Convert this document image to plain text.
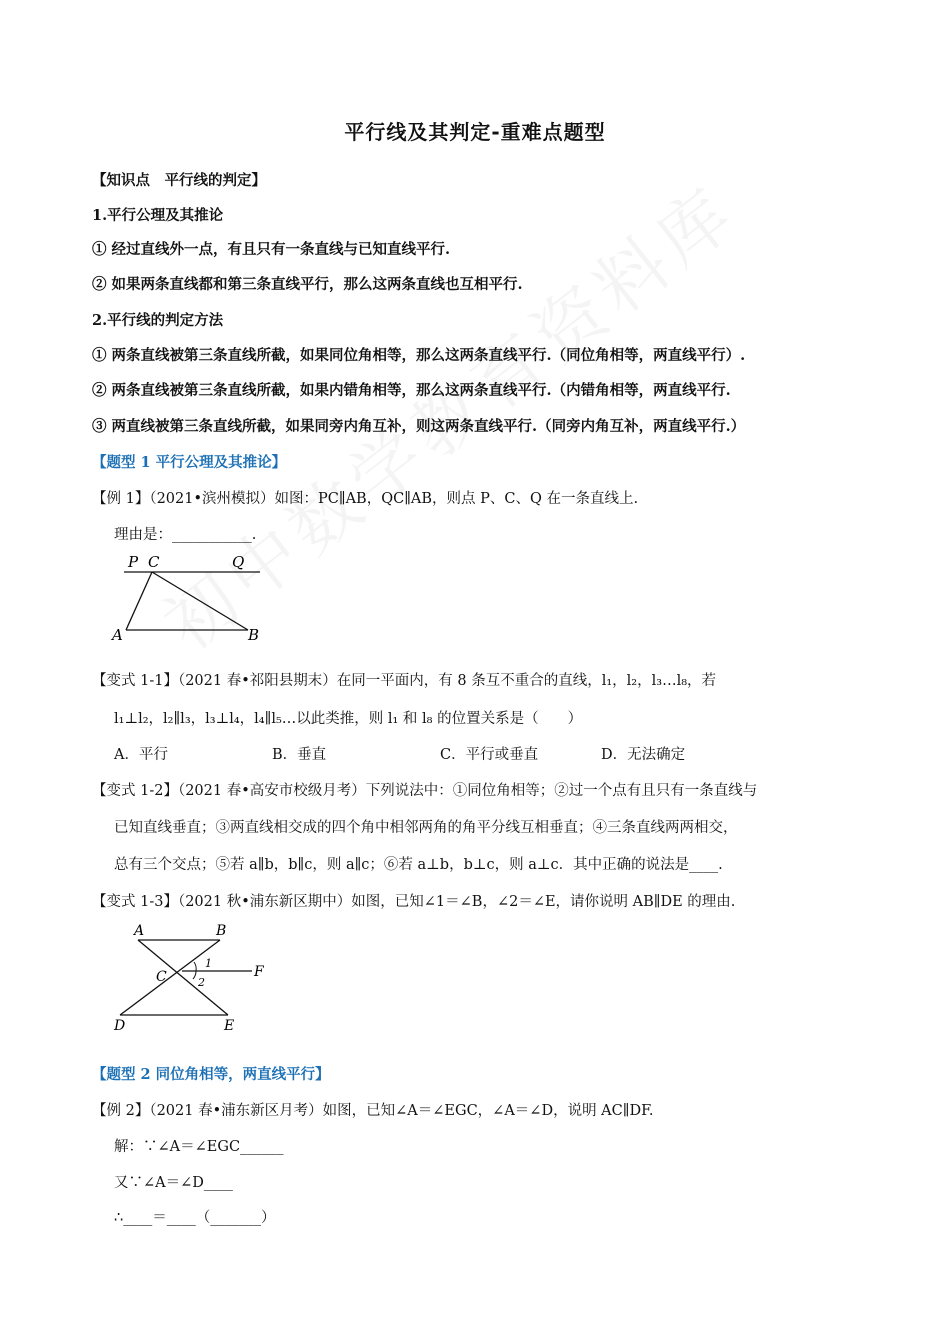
平行线及其判定-重难点题型
【知识点　平行线的判定】
1.平行公理及其推论
① 经过直线外一点，有且只有一条直线与已知直线平行.
② 如果两条直线都和第三条直线平行，那么这两条直线也互相平行.
2.平行线的判定方法
① 两条直线被第三条直线所截，如果同位角相等，那么这两条直线平行.（同位角相等，两直线平行）.
② 两条直线被第三条直线所截，如果内错角相等，那么这两条直线平行.（内错角相等，两直线平行.
③ 两直线被第三条直线所截，如果同旁内角互补，则这两条直线平行.（同旁内角互补，两直线平行.）
【题型 1 平行公理及其推论】
【例 1】（2021•滨州模拟）如图：PC∥AB，QC∥AB，则点 P、C、Q 在一条直线上.
理由是：___________.
P C	Q
A	B
【变式 1-1】（2021 春•祁阳县期末）在同一平面内，有 8 条互不重合的直线，l₁，l₂，l₃…l₈，若
l₁⊥l₂，l₂∥l₃，l₃⊥l₄，l₄∥l₅…以此类推，则 l₁ 和 l₈ 的位置关系是（　　）
A．平行	B．垂直	C．平行或垂直	D．无法确定
【变式 1-2】（2021 春•高安市校级月考）下列说法中：①同位角相等；②过一个点有且只有一条直线与
已知直线垂直；③两直线相交成的四个角中相邻两角的角平分线互相垂直；④三条直线两两相交，
总有三个交点；⑤若 a∥b，b∥c，则 a∥c；⑥若 a⊥b，b⊥c，则 a⊥c．其中正确的说法是____.
【变式 1-3】（2021 秋•浦东新区期中）如图，已知∠1＝∠B，∠2＝∠E，请你说明 AB∥DE 的理由.
A	B
C	F
D	E
1
2
【题型 2 同位角相等，两直线平行】
【例 2】（2021 春•浦东新区月考）如图，已知∠A＝∠EGC，∠A＝∠D，说明 AC∥DF.
解：∵∠A＝∠EGC______
又∵∠A＝∠D____
∴____＝____（_______）
